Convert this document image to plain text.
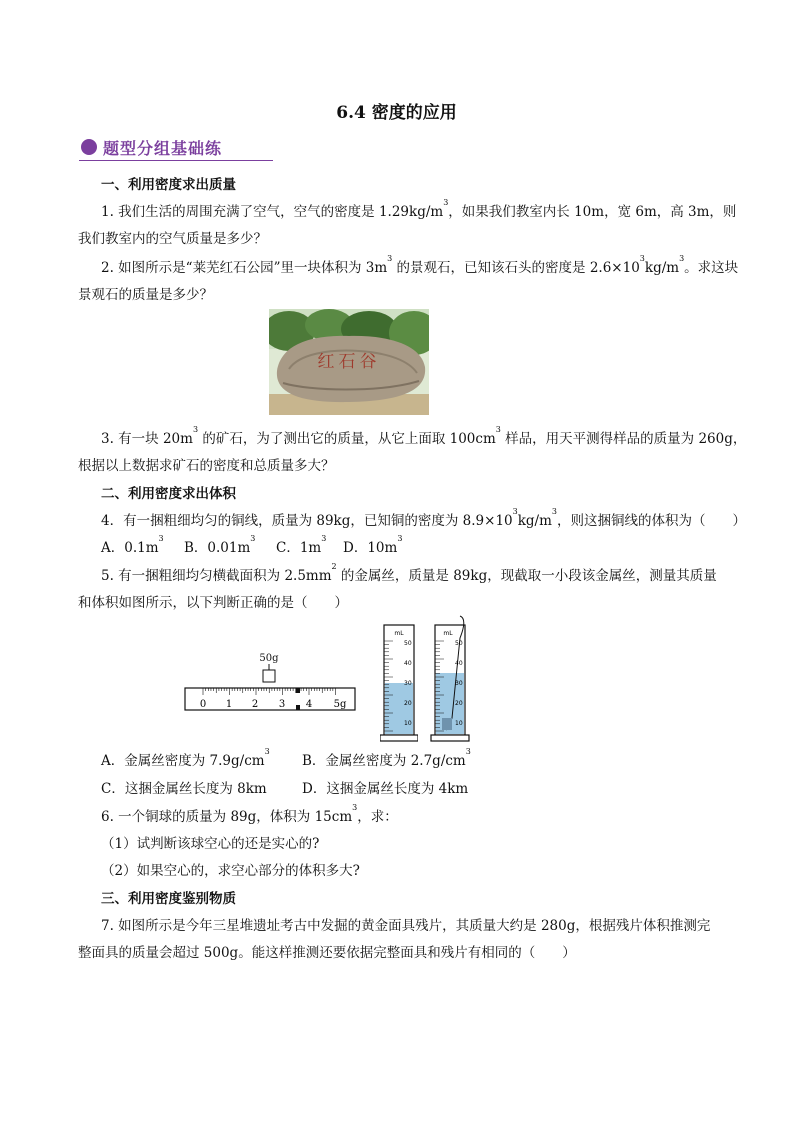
6.4 密度的应用
题型分组基础练
一、利用密度求出质量
1. 我们生活的周围充满了空气，空气的密度是 $1.29kg/m^3$，如果我们教室内长 10m，宽 6m，高 3m，则
我们教室内的空气质量是多少？
2. 如图所示是“莱芜红石公园”里一块体积为 $3m^3$ 的景观石，已知该石头的密度是 $2.6\times 10^3kg/m^3$。求这块
景观石的质量是多少？
红石谷
3. 有一块 $20m^3$ 的矿石，为了测出它的质量，从它上面取 $100cm^3$ 样品，用天平测得样品的质量为 260g，
根据以上数据求矿石的密度和总质量多大？
二、利用密度求出体积
4．有一捆粗细均匀的铜线，质量为 89kg，已知铜的密度为 $8.9\times 10^3kg/m^3$，则这捆铜线的体积为（　　）
A．$0.1m^3$
B．$0.01m^3$
C．$1m^3$
D．$10m^3$
5. 有一捆粗细均匀横截面积为 $2.5mm^2$ 的金属丝，质量是 89kg，现截取一小段该金属丝，测量其质量
和体积如图所示，以下判断正确的是（　　）
50g
0 1 2 3 4 5g
mL
50
40
30
20
10
mL
50
40
30
20
10
A．金属丝密度为 $7.9g/cm^3$
B．金属丝密度为 $2.7g/cm^3$
C．这捆金属丝长度为 8km	D．这捆金属丝长度为 4km
6. 一个铜球的质量为 89g，体积为 $15cm^3$，求：
（1）试判断该球空心的还是实心的?
（2）如果空心的，求空心部分的体积多大?
三、利用密度鉴别物质
7. 如图所示是今年三星堆遗址考古中发掘的黄金面具残片，其质量大约是 280g，根据残片体积推测完
整面具的质量会超过 500g。能这样推测还要依据完整面具和残片有相同的（　　）
